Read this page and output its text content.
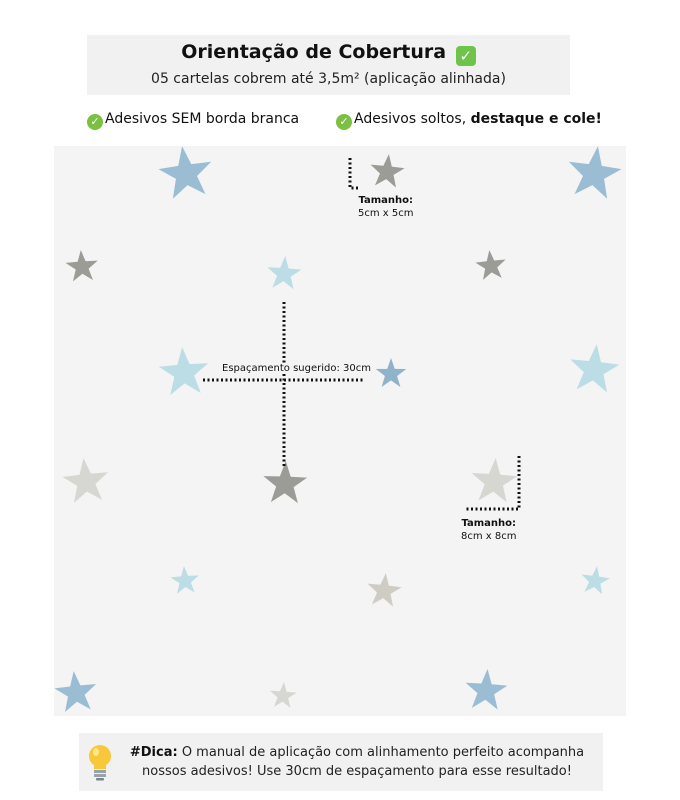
Orientação de Cobertura ✓
05 cartelas cobrem até 3,5m² (aplicação alinhada)
✓ Adesivos SEM borda branca	✓ Adesivos soltos, destaque e cole!
Tamanho:
5cm x 5cm
Espaçamento sugerido: 30cm
Tamanho:
8cm x 8cm
#Dica: O manual de aplicação com alinhamento perfeito acompanha nossos adesivos! Use 30cm de espaçamento para esse resultado!
